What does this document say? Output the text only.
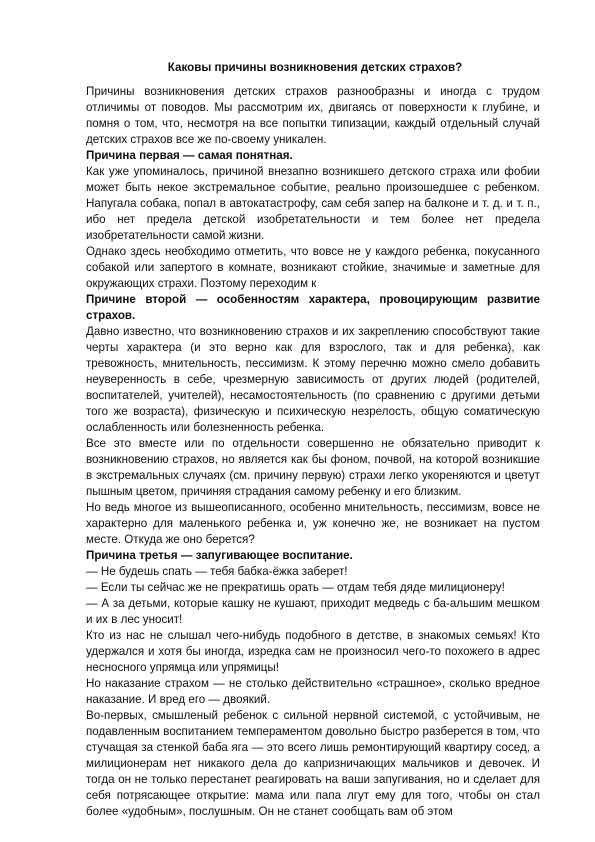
Каковы причины возникновения детских страхов?

Причины возникновения детских страхов разнообразны и иногда с трудом отличимы от поводов. Мы рассмотрим их, двигаясь от поверхности к глубине, и помня о том, что, несмотря на все попытки типизации, каждый отдельный случай детских страхов все же по-своему уникален.

Причина первая — самая понятная.

Как уже упоминалось, причиной внезапно возникшего детского страха или фобии может быть некое экстремальное событие, реально произошедшее с ребенком. Напугала собака, попал в автокатастрофу, сам себя запер на балконе и т. д. и т. п., ибо нет предела детской изобретательности и тем более нет предела изобретательности самой жизни.

Однако здесь необходимо отметить, что вовсе не у каждого ребенка, покусанного собакой или запертого в комнате, возникают стойкие, значимые и заметные для окружающих страхи. Поэтому переходим к

Причине второй — особенностям характера, провоцирующим развитие страхов.

Давно известно, что возникновению страхов и их закреплению способствуют такие черты характера (и это верно как для взрослого, так и для ребенка), как тревожность, мнительность, пессимизм. К этому перечню можно смело добавить неуверенность в себе, чрезмерную зависимость от других людей (родителей, воспитателей, учителей), несамостоятельность (по сравнению с другими детьми того же возраста), физическую и психическую незрелость, общую соматическую ослабленность или болезненность ребенка.

Все это вместе или по отдельности совершенно не обязательно приводит к возникновению страхов, но является как бы фоном, почвой, на которой возникшие в экстремальных случаях (см. причину первую) страхи легко укореняются и цветут пышным цветом, причиняя страдания самому ребенку и его близким.

Но ведь многое из вышеописанного, особенно мнительность, пессимизм, вовсе не характерно для маленького ребенка и, уж конечно же, не возникает на пустом месте. Откуда же оно берется?

Причина третья — запугивающее воспитание.

— Не будешь спать — тебя бабка-ёжка заберет!

— Если ты сейчас же не прекратишь орать — отдам тебя дяде милиционеру!

— А за детьми, которые кашку не кушают, приходит медведь с ба-альшим мешком и их в лес уносит!

Кто из нас не слышал чего-нибудь подобного в детстве, в знакомых семьях! Кто удержался и хотя бы иногда, изредка сам не произносил чего-то похожего в адрес несносного упрямца или упрямицы!

Но наказание страхом — не столько действительно «страшное», сколько вредное наказание. И вред его — двоякий.

Во-первых, смышленый ребенок с сильной нервной системой, с устойчивым, не подавленным воспитанием темпераментом довольно быстро разберется в том, что стучащая за стенкой баба яга — это всего лишь ремонтирующий квартиру сосед, а милиционерам нет никакого дела до капризничающих мальчиков и девочек. И тогда он не только перестанет реагировать на ваши запугивания, но и сделает для себя потрясающее открытие: мама или папа лгут ему для того, чтобы он стал более «удобным», послушным. Он не станет сообщать вам об этом
